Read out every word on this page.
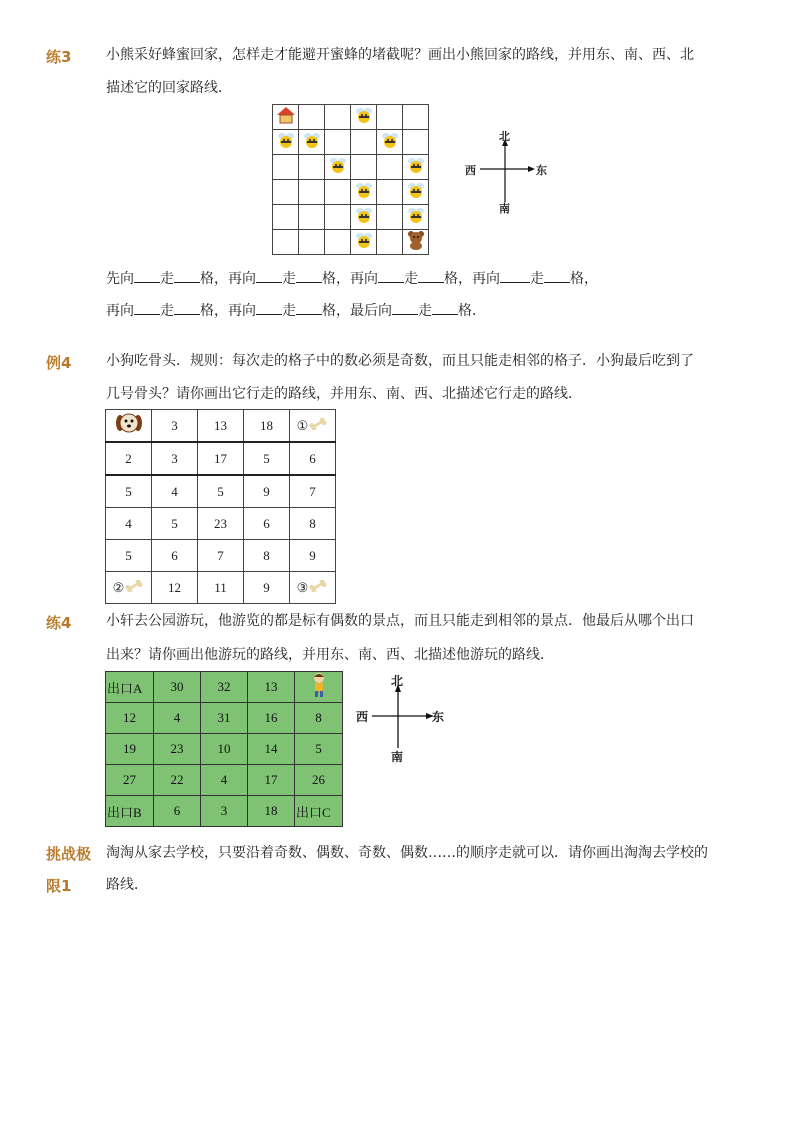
练3 小熊采好蜂蜜回家，怎样走才能避开蜜蜂的堵截呢？画出小熊回家的路线，并用东、南、西、北
描述它的回家路线．

北
西	东
南
先向 走 格，再向 走 格，再向 走 格，再向 走 格，
再向 走 格，再向 走 格，最后向 走 格．
例4 小狗吃骨头．规则：每次走的格子中的数必须是奇数，而且只能走相邻的格子．小狗最后吃到了
几号骨头？请你画出它行走的路线，并用东、南、西、北描述它行走的路线．
	3	13	18	①
2	3	17	5	6
5	4	5	9	7
4	5	23	6	8
5	6	7	8	9
②	12	11	9	③
练4 小轩去公园游玩，他游览的都是标有偶数的景点，而且只能走到相邻的景点．他最后从哪个出口
出来？请你画出他游玩的路线，并用东、南、西、北描述他游玩的路线．
出口A	30	32	13	
12	4	31	16	8
19	23	10	14	5
27	22	4	17	26
出口B	6	3	18	出口C
北
西	东
南
挑战极
限1
淘淘从家去学校，只要沿着奇数、偶数、奇数、偶数……的顺序走就可以．请你画出淘淘去学校的
路线．
